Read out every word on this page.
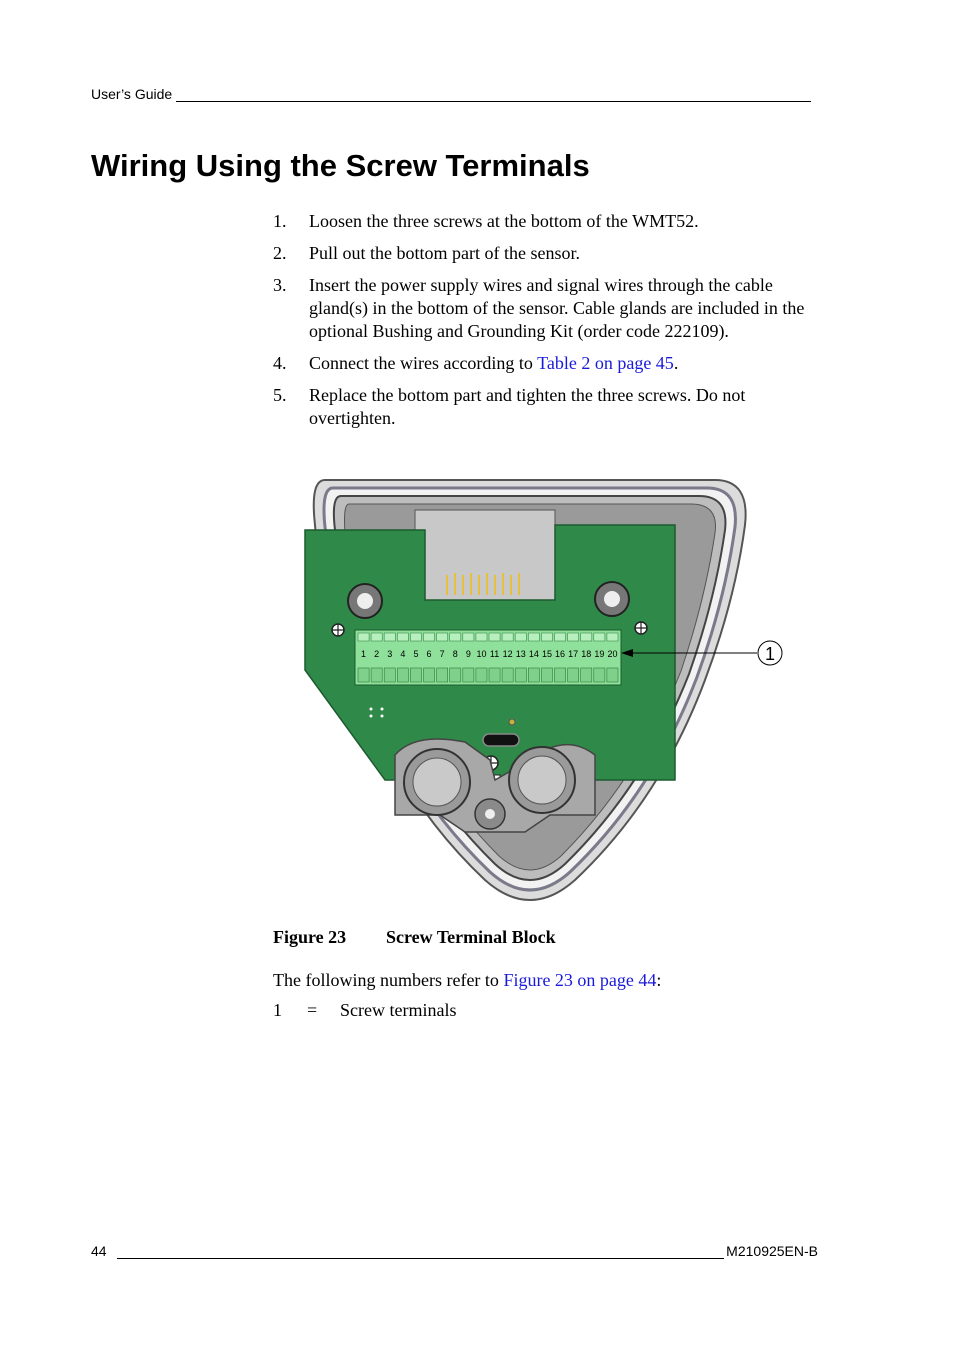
User’s Guide
Wiring Using the Screw Terminals
1.	Loosen the three screws at the bottom of the WMT52.
2.	Pull out the bottom part of the sensor.
3.	Insert the power supply wires and signal wires through the cable gland(s) in the bottom of the sensor. Cable glands are included in the optional Bushing and Grounding Kit (order code 222109).
4.	Connect the wires according to Table 2 on page 45.
5.	Replace the bottom part and tighten the three screws. Do not overtighten.
1 2 3 4 5 6 7 8 9 10 11 12 13 14 15 16 17 18 19 20	1
Figure 23 Screw Terminal Block
The following numbers refer to Figure 23 on page 44:
1	=	Screw terminals
44	M210925EN-B
